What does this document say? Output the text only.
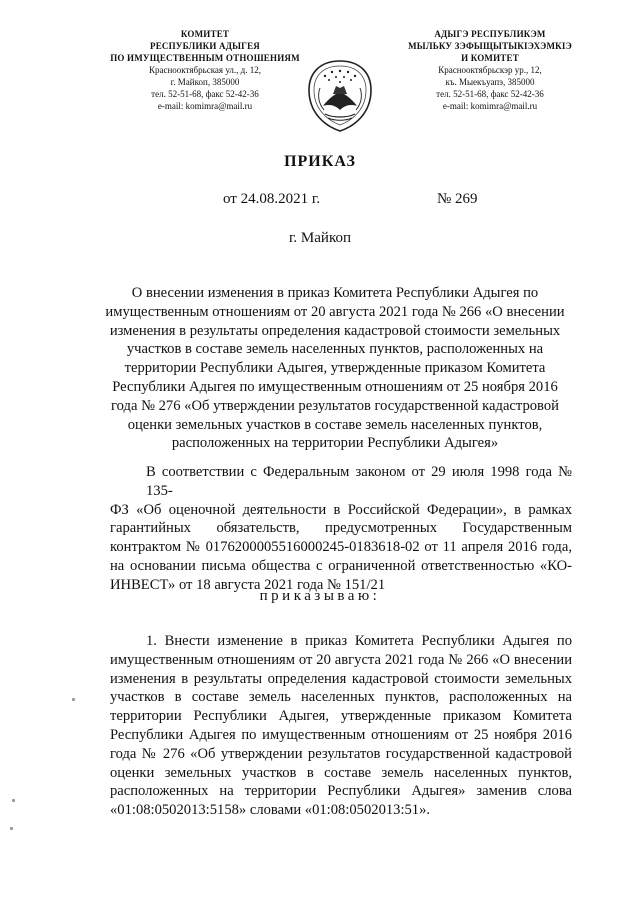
КОМИТЕТ
РЕСПУБЛИКИ АДЫГЕЯ
ПО ИМУЩЕСТВЕННЫМ ОТНОШЕНИЯМ
Краснооктябрьская ул., д. 12,
г. Майкоп, 385000
тел. 52-51-68, факс 52-42-36
e-mail: komimra@mail.ru
АДЫГЭ РЕСПУБЛИКЭМ
МЫЛЬКУ ЗЭФЫЩЫТЫКІЭХЭМКІЭ
И КОМИТЕТ
Краснооктябрьскэр ур., 12,
къ. Мыекъуапэ, 385000
тел. 52-51-68, факс 52-42-36
e-mail: komimra@mail.ru
ПРИКАЗ
от 24.08.2021 г.	№ 269
г. Майкоп
О внесении изменения в приказ Комитета Республики Адыгея по
имущественным отношениям от 20 августа 2021 года № 266 «О внесении
изменения в результаты определения кадастровой стоимости земельных
участков в составе земель населенных пунктов, расположенных на
территории Республики Адыгея, утвержденные приказом Комитета
Республики Адыгея по имущественным отношениям от 25 ноября 2016
года № 276 «Об утверждении результатов государственной кадастровой
оценки земельных участков в составе земель населенных пунктов,
расположенных на территории Республики Адыгея»
В соответствии с Федеральным законом от 29 июля 1998 года № 135-
ФЗ «Об оценочной деятельности в Российской Федерации», в рамках
гарантийных обязательств, предусмотренных Государственным
контрактом № 0176200005516000245-0183618-02 от 11 апреля 2016 года,
на основании письма общества с ограниченной ответственностью «КО-
ИНВЕСТ» от 18 августа 2021 года № 151/21
приказываю:
1. Внести изменение в приказ Комитета Республики Адыгея по
имущественным отношениям от 20 августа 2021 года № 266 «О внесении
изменения в результаты определения кадастровой стоимости земельных
участков в составе земель населенных пунктов, расположенных на
территории Республики Адыгея, утвержденные приказом Комитета
Республики Адыгея по имущественным отношениям от 25 ноября 2016
года № 276 «Об утверждении результатов государственной кадастровой
оценки земельных участков в составе земель населенных пунктов,
расположенных на территории Республики Адыгея» заменив слова
«01:08:0502013:5158» словами «01:08:0502013:51».
